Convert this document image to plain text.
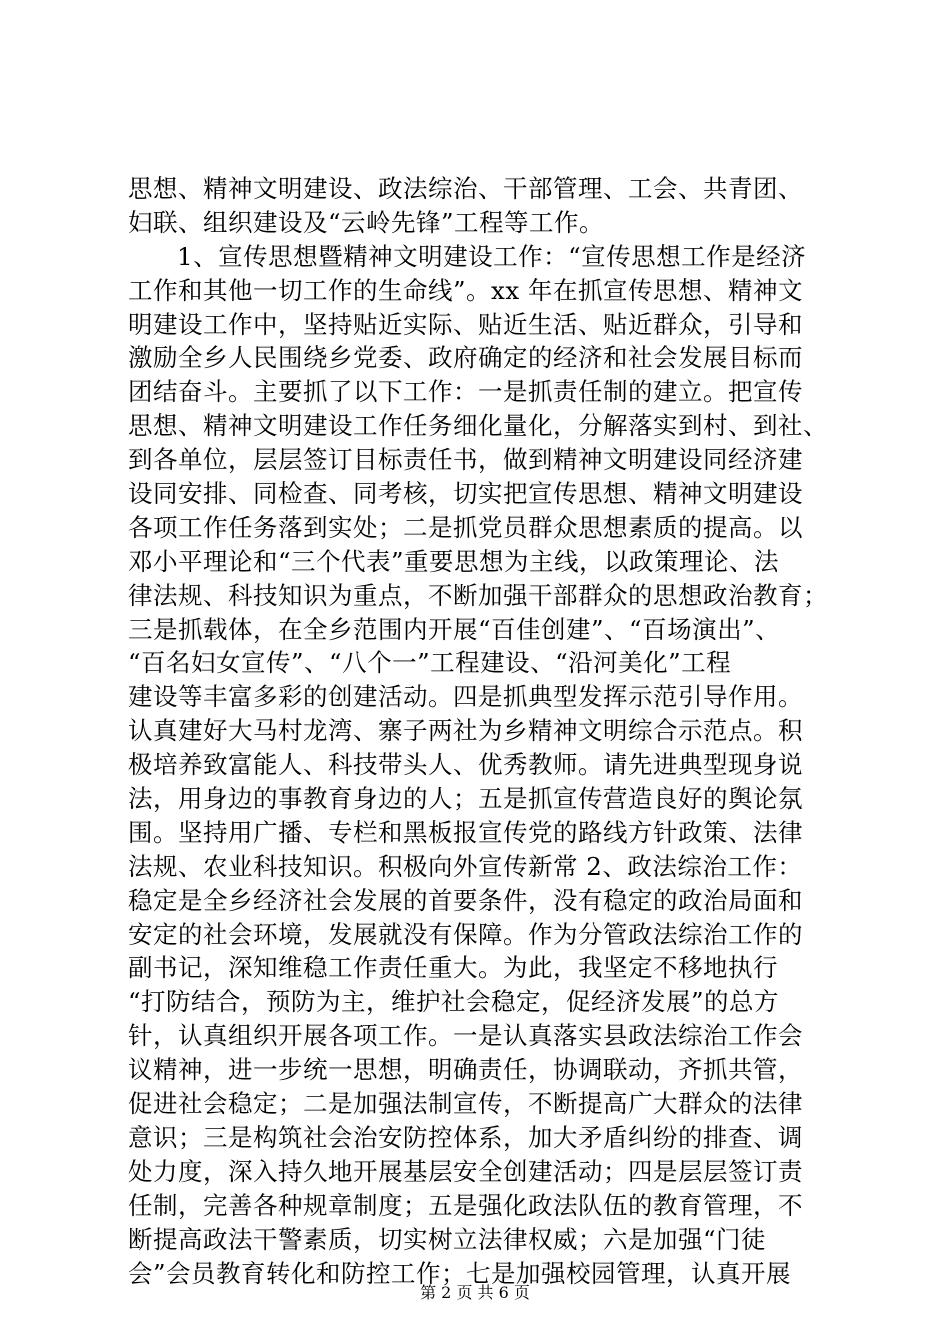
思想、精神文明建设、政法综治、干部管理、工会、共青团、
妇联、组织建设及“云岭先锋”工程等工作。
1、宣传思想暨精神文明建设工作：“宣传思想工作是经济
工作和其他一切工作的生命线”。xx 年在抓宣传思想、精神文
明建设工作中，坚持贴近实际、贴近生活、贴近群众，引导和
激励全乡人民围绕乡党委、政府确定的经济和社会发展目标而
团结奋斗。主要抓了以下工作：一是抓责任制的建立。把宣传
思想、精神文明建设工作任务细化量化，分解落实到村、到社、
到各单位，层层签订目标责任书，做到精神文明建设同经济建
设同安排、同检查、同考核，切实把宣传思想、精神文明建设
各项工作任务落到实处；二是抓党员群众思想素质的提高。以
邓小平理论和“三个代表”重要思想为主线，以政策理论、法
律法规、科技知识为重点，不断加强干部群众的思想政治教育；
三是抓载体，在全乡范围内开展“百佳创建”、“百场演出”、
“百名妇女宣传”、“八个一”工程建设、“沿河美化”工程
建设等丰富多彩的创建活动。四是抓典型发挥示范引导作用。
认真建好大马村龙湾、寨子两社为乡精神文明综合示范点。积
极培养致富能人、科技带头人、优秀教师。请先进典型现身说
法，用身边的事教育身边的人；五是抓宣传营造良好的舆论氛
围。坚持用广播、专栏和黑板报宣传党的路线方针政策、法律
法规、农业科技知识。积极向外宣传新常 2、政法综治工作：
稳定是全乡经济社会发展的首要条件，没有稳定的政治局面和
安定的社会环境，发展就没有保障。作为分管政法综治工作的
副书记，深知维稳工作责任重大。为此，我坚定不移地执行
“打防结合，预防为主，维护社会稳定，促经济发展”的总方
针，认真组织开展各项工作。一是认真落实县政法综治工作会
议精神，进一步统一思想，明确责任，协调联动，齐抓共管，
促进社会稳定；二是加强法制宣传，不断提高广大群众的法律
意识；三是构筑社会治安防控体系，加大矛盾纠纷的排查、调
处力度，深入持久地开展基层安全创建活动；四是层层签订责
任制，完善各种规章制度；五是强化政法队伍的教育管理，不
断提高政法干警素质，切实树立法律权威；六是加强“门徒
会”会员教育转化和防控工作；七是加强校园管理，认真开展
第 2 页 共 6 页
